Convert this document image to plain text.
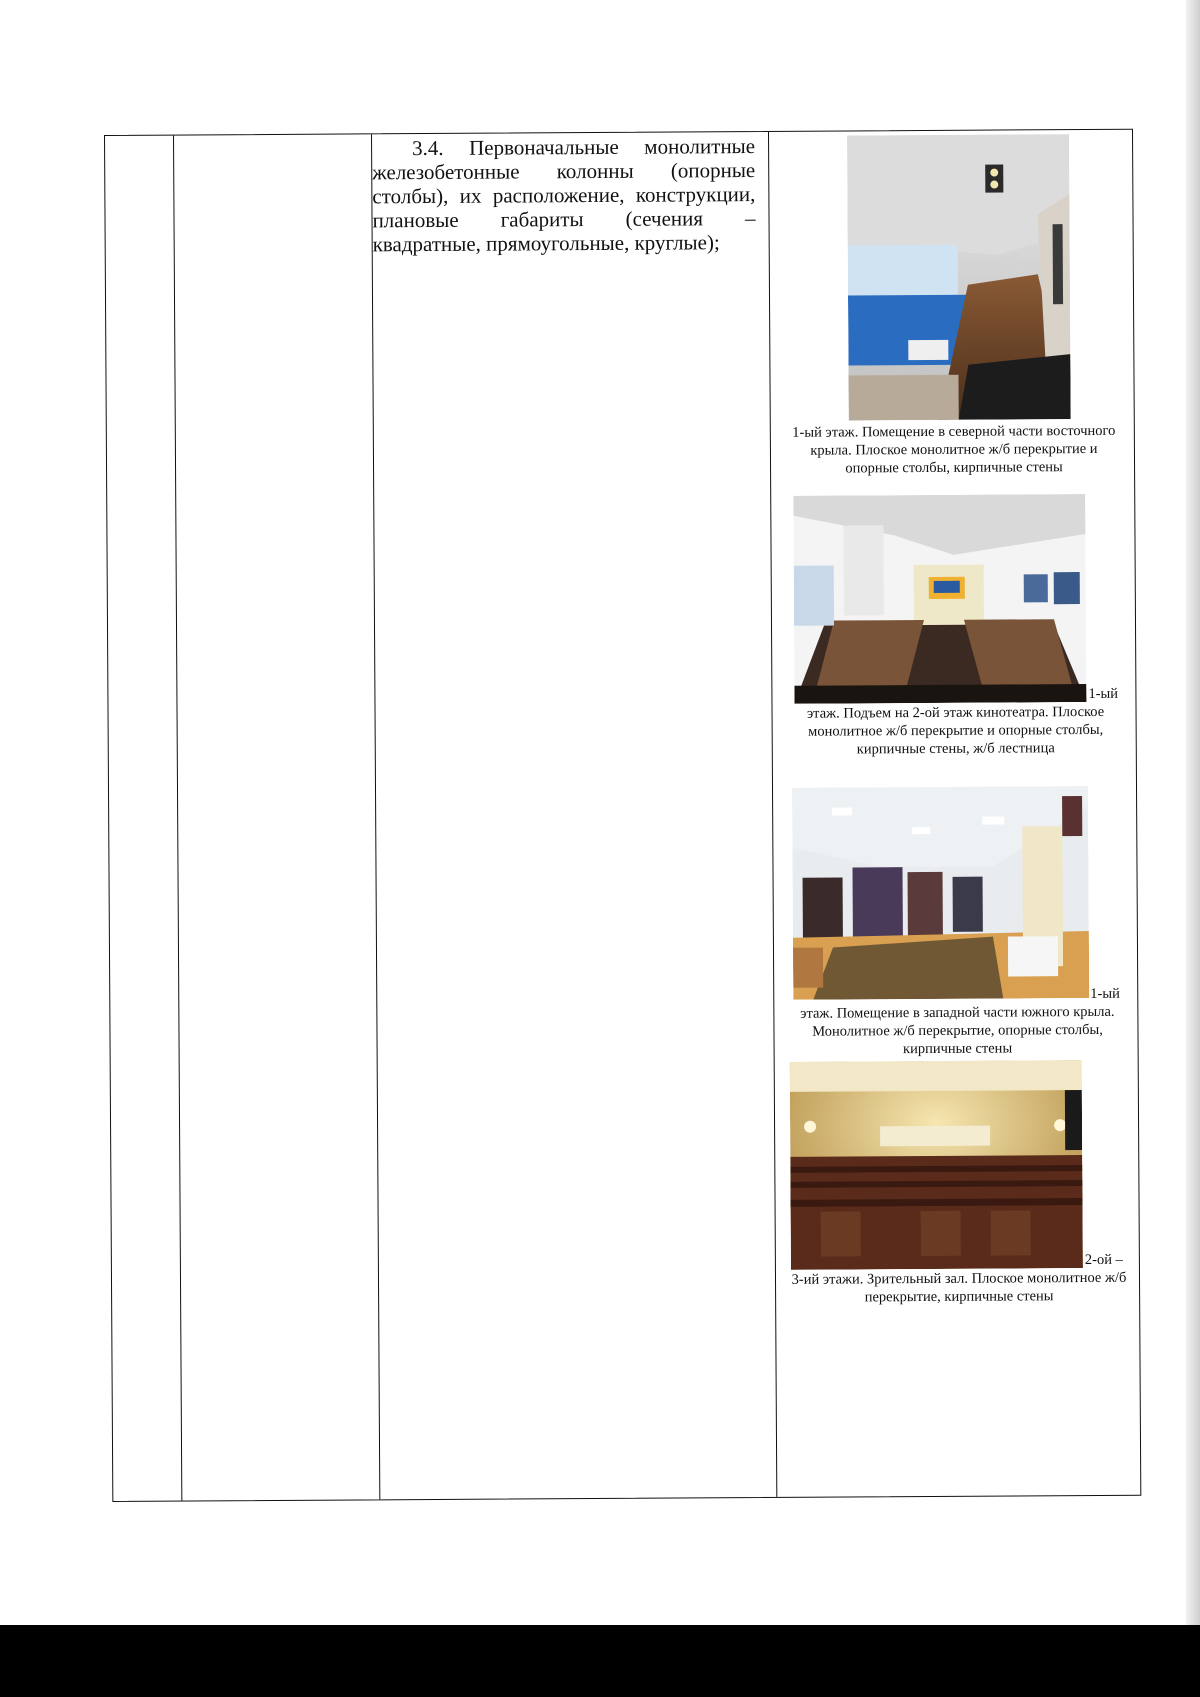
3.4. Первоначальные монолитные железобетонные колонны (опорные столбы), их расположение, конструкции, плановые габариты (сечения – квадратные, прямоугольные, круглые);
1-ый этаж. Помещение в северной части восточного крыла. Плоское монолитное ж/б перекрытие и опорные столбы, кирпичные стены
1-ый
этаж. Подъем на 2-ой этаж кинотеатра. Плоское монолитное ж/б перекрытие и опорные столбы, кирпичные стены, ж/б лестница
1-ый
этаж. Помещение в западной части южного крыла. Монолитное ж/б перекрытие, опорные столбы, кирпичные стены
2-ой –
3-ий этажи. Зрительный зал. Плоское монолитное ж/б перекрытие, кирпичные стены
